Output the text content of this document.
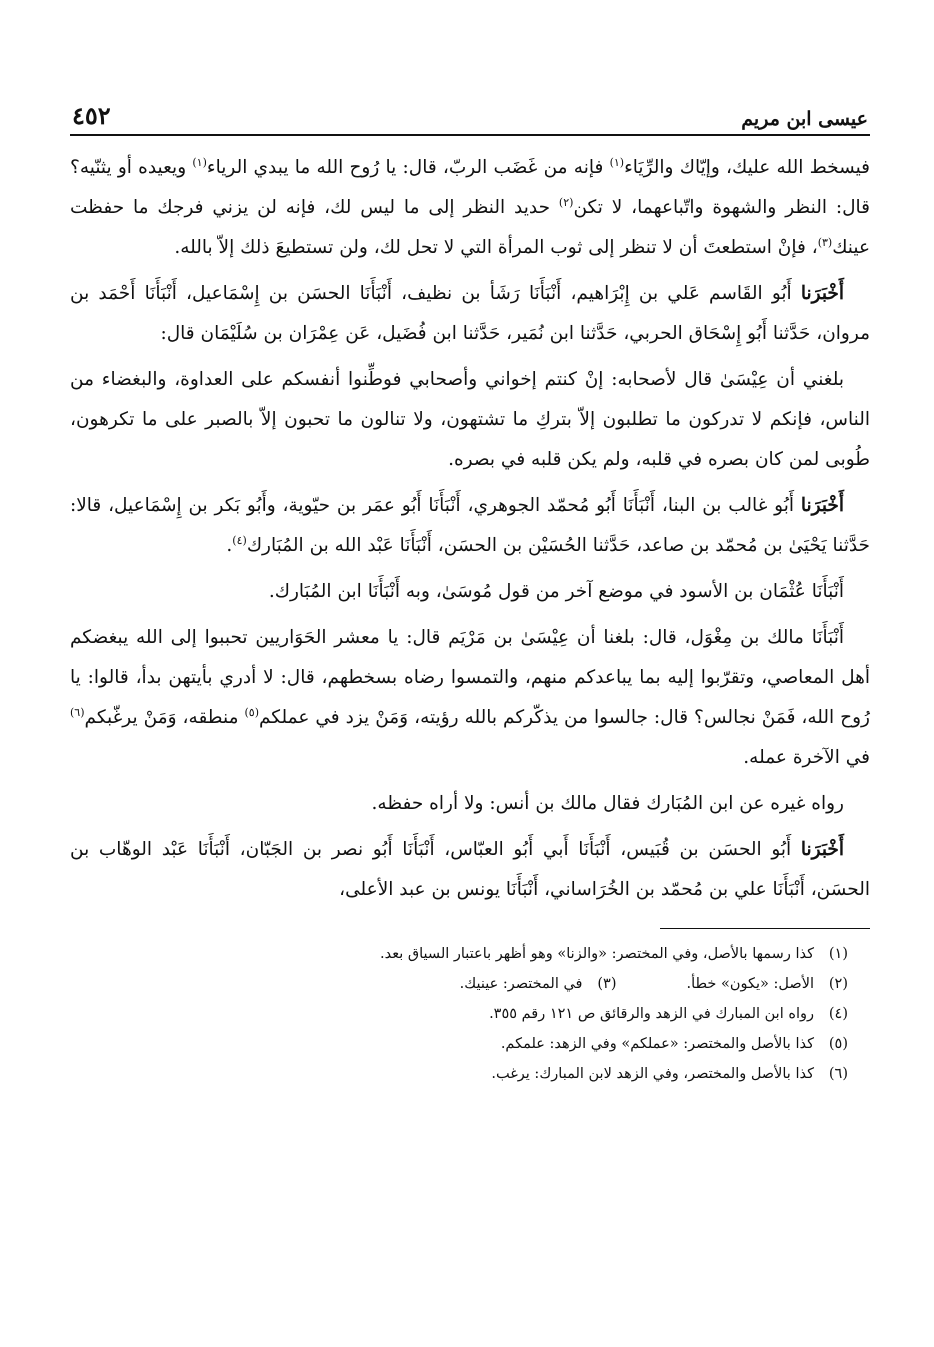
عيسى ابن مريم
٤٥٢

فيسخط الله عليك، وإيّاك والرِّيَاء$^{(١)}$ فإنه من غَضَب الربّ، قال: يا رُوح الله ما يبدي الرياء$^{(١)}$ ويعيده أو يثنّيه؟ قال: النظر والشهوة واتّباعهما، لا تكن$^{(٢)}$ حديد النظر إلى ما ليس لك، فإنه لن يزني فرجك ما حفظت عينك$^{(٣)}$، فإنْ استطعتَ أن لا تنظر إلى ثوب المرأة التي لا تحل لك، ولن تستطيعَ ذلك إلاّ بالله.

أَخْبَرَنا أَبُو القَاسم عَلي بن إِبْرَاهيم، أَنْبَأَنَا رَشَأ بن نظيف، أَنْبَأَنَا الحسَن بن إِسْمَاعيل، أَنْبَأَنَا أَحْمَد بن مروان، حَدَّثنا أَبُو إِسْحَاق الحربي، حَدَّثنا ابن نُمَير، حَدَّثنا ابن فُضَيل، عَن عِمْرَان بن سُلَيْمَان قال:

بلغني أن عِيْسَىٰ قال لأصحابه: إنْ كنتم إخواني وأصحابي فوطِّنوا أنفسكم على العداوة، والبغضاء من الناس، فإنكم لا تدركون ما تطلبون إلاّ بتركِ ما تشتهون، ولا تنالون ما تحبون إلاّ بالصبر على ما تكرهون، طُوبى لمن كان بصره في قلبه، ولم يكن قلبه في بصره.

أَخْبَرَنا أَبُو غالب بن البنا، أَنْبَأَنَا أَبُو مُحمّد الجوهري، أَنْبَأَنَا أَبُو عمَر بن حيّوية، وأَبُو بَكر بن إِسْمَاعيل، قالا: حَدَّثنا يَحْيَىٰ بن مُحمّد بن صاعد، حَدَّثنا الحُسَيْن بن الحسَن، أَنْبَأَنَا عَبْد الله بن المُبَارك$^{(٤)}$.

أَنْبَأَنَا عُثْمَان بن الأسود في موضع آخر من قول مُوسَىٰ، وبه أَنْبَأَنَا ابن المُبَارك.

أَنْبَأَنَا مالك بن مِغْوَل، قال: بلغنا أن عِيْسَىٰ بن مَرْيَم قال: يا معشر الحَوَاريين تحببوا إلى الله يبغضكم أهل المعاصي، وتقرّبوا إليه بما يباعدكم منهم، والتمسوا رضاه بسخطهم، قال: لا أدري بأيتهن بدأ، قالوا: يا رُوح الله، فَمَنْ نجالس؟ قال: جالسوا من يذكّركم بالله رؤيته، وَمَنْ يزد في عملكم$^{(٥)}$ منطقه، وَمَنْ يرغّبكم$^{(٦)}$ في الآخرة عمله.

رواه غيره عن ابن المُبَارك فقال مالك بن أنس: ولا أراه حفظه.

أَخْبَرَنا أَبُو الحسَن بن قُبَيس، أَنْبَأَنَا أَبي أَبُو العبّاس، أَنْبَأَنَا أَبُو نصر بن الجَبّان، أَنْبَأَنَا عَبْد الوهّاب بن الحسَن، أَنْبَأَنَا علي بن مُحمّد بن الخُرَاساني، أَنْبَأَنَا يونس بن عبد الأعلى،

(١)كذا رسمها بالأصل، وفي المختصر: «والزنا» وهو أظهر باعتبار السياق بعد.
(٢)الأصل: «يكون» خطأ.
(٣)في المختصر: عينيك.
(٤)رواه ابن المبارك في الزهد والرقائق ص ١٢١ رقم ٣٥٥.
(٥)كذا بالأصل والمختصر: «عملكم» وفي الزهد: علمكم.
(٦)كذا بالأصل والمختصر، وفي الزهد لابن المبارك: يرغب.
